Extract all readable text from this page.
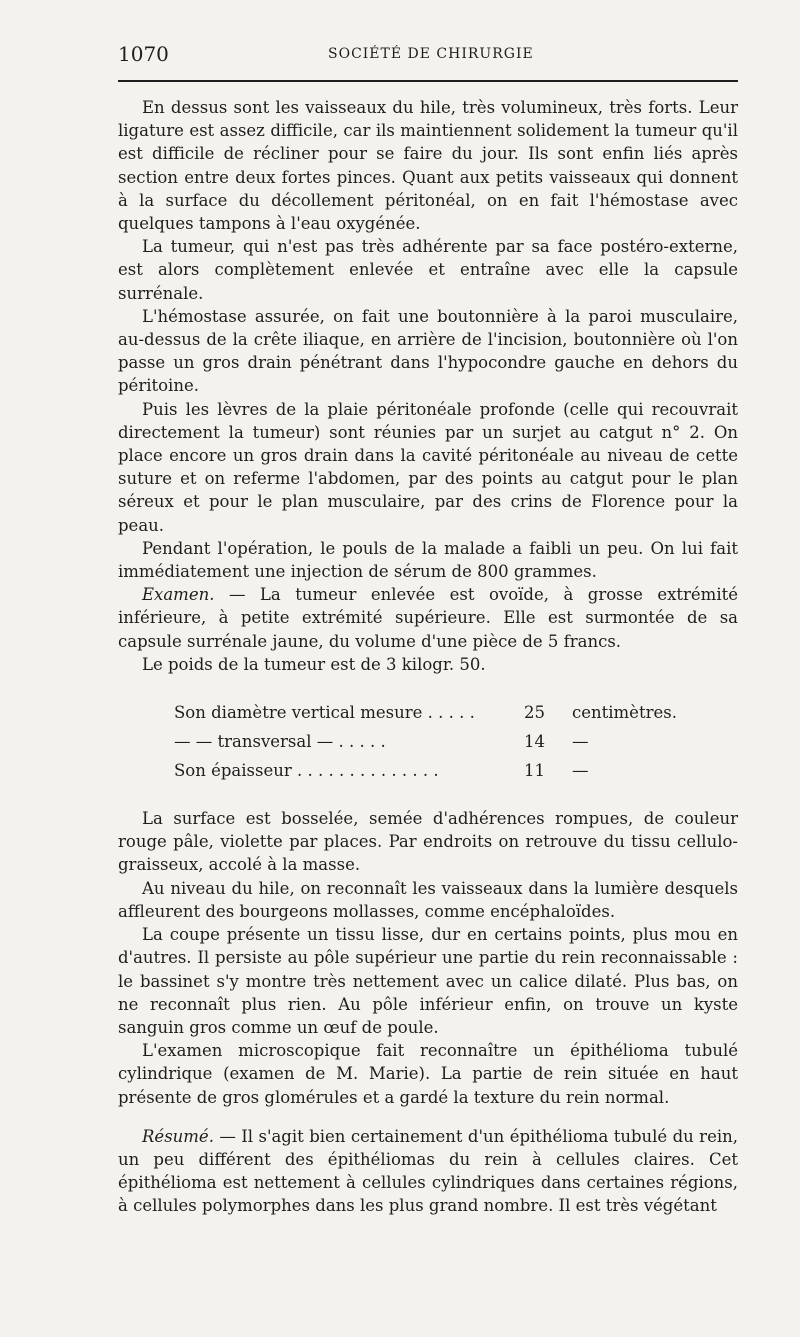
1070	SOCIÉTÉ DE CHIRURGIE

En dessus sont les vaisseaux du hile, très volumineux, très forts. Leur ligature est assez difficile, car ils maintiennent solidement la tumeur qu'il est difficile de récliner pour se faire du jour. Ils sont enfin liés après section entre deux fortes pinces. Quant aux petits vaisseaux qui donnent à la surface du décollement péritonéal, on en fait l'hémostase avec quelques tampons à l'eau oxygénée.

La tumeur, qui n'est pas très adhérente par sa face postéro-externe, est alors complètement enlevée et entraîne avec elle la capsule surrénale.

L'hémostase assurée, on fait une boutonnière à la paroi musculaire, au-dessus de la crête iliaque, en arrière de l'incision, boutonnière où l'on passe un gros drain pénétrant dans l'hypocondre gauche en dehors du péritoine.

Puis les lèvres de la plaie péritonéale profonde (celle qui recouvrait directement la tumeur) sont réunies par un surjet au catgut n° 2. On place encore un gros drain dans la cavité péritonéale au niveau de cette suture et on referme l'abdomen, par des points au catgut pour le plan séreux et pour le plan musculaire, par des crins de Florence pour la peau.

Pendant l'opération, le pouls de la malade a faibli un peu. On lui fait immédiatement une injection de sérum de 800 grammes.

Examen. — La tumeur enlevée est ovoïde, à grosse extrémité inférieure, à petite extrémité supérieure. Elle est surmontée de sa capsule surrénale jaune, du volume d'une pièce de 5 francs.

Le poids de la tumeur est de 3 kilogr. 50.

Son diamètre vertical mesure . . . . .	25	centimètres.
— — transversal — . . . . .	14	—
Son épaisseur . . . . . . . . . . . . . .	11	—

La surface est bosselée, semée d'adhérences rompues, de couleur rouge pâle, violette par places. Par endroits on retrouve du tissu cellulo-graisseux, accolé à la masse.

Au niveau du hile, on reconnaît les vaisseaux dans la lumière desquels affleurent des bourgeons mollasses, comme encéphaloïdes.

La coupe présente un tissu lisse, dur en certains points, plus mou en d'autres. Il persiste au pôle supérieur une partie du rein reconnaissable : le bassinet s'y montre très nettement avec un calice dilaté. Plus bas, on ne reconnaît plus rien. Au pôle inférieur enfin, on trouve un kyste sanguin gros comme un œuf de poule.

L'examen microscopique fait reconnaître un épithélioma tubulé cylindrique (examen de M. Marie). La partie de rein située en haut présente de gros glomérules et a gardé la texture du rein normal.

Résumé. — Il s'agit bien certainement d'un épithélioma tubulé du rein, un peu différent des épithéliomas du rein à cellules claires. Cet épithélioma est nettement à cellules cylindriques dans certaines régions, à cellules polymorphes dans les plus grand nombre. Il est très végétant
